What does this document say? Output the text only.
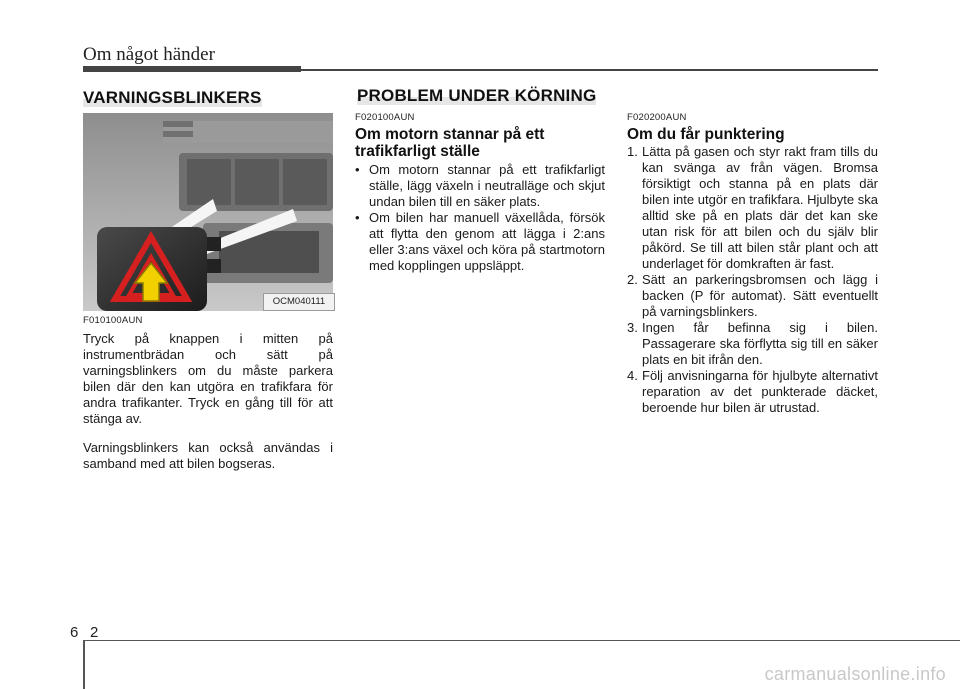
Om något händer
VARNINGSBLINKERS
OCM040111
F010100AUN
Tryck på knappen i mitten på instrumentbrädan och sätt på varningsblinkers om du måste parkera bilen där den kan utgöra en trafikfara för andra trafikanter. Tryck en gång till för att stänga av.
Varningsblinkers kan också användas i samband med att bilen bogseras.
PROBLEM UNDER KÖRNING
F020100AUN
Om motorn stannar på ett trafikfarligt ställe
• Om motorn stannar på ett trafikfarligt ställe, lägg växeln i neutralläge och skjut undan bilen till en säker plats.
• Om bilen har manuell växellåda, försök att flytta den genom att lägga i 2:ans eller 3:ans växel och köra på startmotorn med kopplingen uppsläppt.
F020200AUN
Om du får punktering
1. Lätta på gasen och styr rakt fram tills du kan svänga av från vägen. Bromsa försiktigt och stanna på en plats där bilen inte utgör en trafikfara. Hjulbyte ska alltid ske på en plats där det kan ske utan risk för att bilen och du själv blir påkörd. Se till att bilen står plant och att underlaget för domkraften är fast.
2. Sätt an parkeringsbromsen och lägg i backen (P för automat). Sätt eventuellt på varningsblinkers.
3. Ingen får befinna sig i bilen. Passagerare ska förflytta sig till en säker plats en bit ifrån den.
4. Följ anvisningarna för hjulbyte alternativt reparation av det punkterade däcket, beroende hur bilen är utrustad.
6 2
carmanualsonline.info
